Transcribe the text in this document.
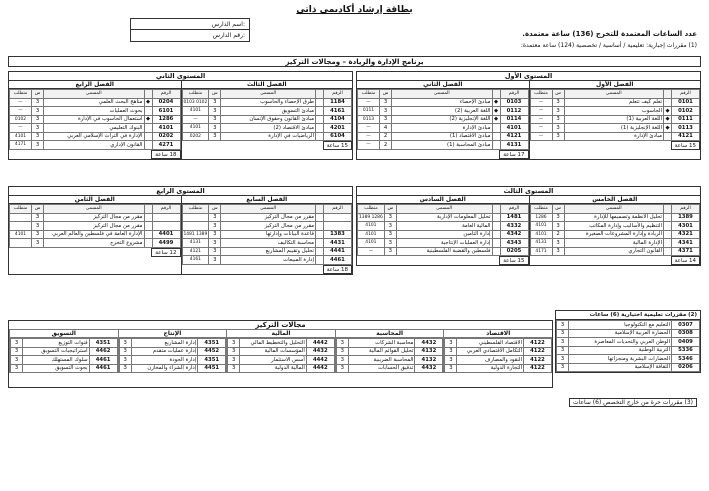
بطاقة إرشاد أكاديمي ذاتي
اسم الدارس:
رقم الدارس:	عدد الساعات المعتمدة للتخرج (136) ساعة معتمدة.
(1) مقررات إجبارية: تعليمية / أساسية / تخصصية (124) ساعة معتمدة:
برنامج الإدارة والريادة – ومجالات التركيز
المستوى الأول
الفصل الأول
الرقم		المسمى	س	متطلب
0101		تعلم كيف تتعلم	3	—
0102	◆	الحاسوب	3	—
0111	◆	اللغة العربية (1)	3	—
0113	◆	اللغة الإنجليزية (1)	3	—
4121		مبادئ الإدارة	3	—
15 ساعة
الفصل الثاني
الرقم		المسمى	س	متطلب
0103	◆	مبادئ الإحصاء	3	—
0112	◆	اللغة العربية (2)	3	0111
0114	◆	اللغة الإنجليزية (2)	3	0113
4101		مبادئ الإدارة	4	—
4121		مبادئ الاقتصاد (1)	2	—
4131		مبادئ المحاسبة (1)	2	—
17 ساعة
المستوى الثاني
الفصل الثالث
الرقم		المسمى	س	متطلب
1184		طرق الإحصاء والحاسوب	3	0102 0103
4161		مبادئ التسويق	3	4101
4104		مبادئ القانون وحقوق الإنسان	3	—
4201		مبادئ الاقتصاد (2)	3	4101
6104		الرياضيات في الإدارة	3	0202
15 ساعة
الفصل الرابع
الرقم		المسمى	س	متطلب
0204	◆	مناهج البحث العلمي	3	—
6101		بحوث العمليات	3	—
1286	◆	استعمال الحاسوب في الإدارة	3	0102
4101		البنوك التعليمي	3	—
0202		الإدارة في التراث الإسلامي العربي	3	4101
4271		القانون الإداري	3	4171
18 ساعة
المستوى الثالث
الفصل الخامس
الرقم		المسمى	س	متطلب
1389		تحليل الأنظمة وتصميمها للإدارة	3	1286
4301		التنظيم والأساليب وإدارة المكاتب	3	4101
4321		الريادة وإدارة المشروعات الصغيرة	2	4101
4341		الإدارة المالية	3	4131
4371		القانون التجاري	3	4171
14 ساعة
الفصل السادس
الرقم		المسمى	س	متطلب
1481		تحليل المعلومات الإدارية	3	1286 1389
4332		المالية العامة	3	4101
4342		إدارة التأمين	3	4101
4343		إدارة العمليات الإنتاجية	3	4101
0205		فلسطين والقضية الفلسطينية	3	—
15 ساعة
المستوى الرابع
الفصل السابع
الرقم		المسمى	س	متطلب
		مقرر من مجال التركيز	3	
		مقرر من مجال التركيز	3	
1383		قاعدة البيانات وإدارتها	3	1389 1481
4431		محاسبة التكاليف	3	4131
4441		تحليل وتقييم المشاريع	3	4121
4461		إدارة المبيعات	3	4161
18 ساعة
الفصل الثامن
الرقم		المسمى	س	متطلب
		مقرر من مجال التركيز	3	
		مقرر من مجال التركيز	3	
4401		الإدارة العامة في فلسطين والعالم العربي	3	4101
4499		مشروع التخرج	3	
12 ساعة
(2) مقررات تعليمية اختيارية (6) ساعات
0307	التعليم مع التكنولوجيا	3
0308	الحضارة العربية الإسلامية	3
0409	الوطن العربي والتحديات المعاصرة	3
5336	التربية الوطنية	3
5346	الحضارات البشرية ومنجزاتها	3
0206	الثقافة الإسلامية	3
مجالات التركيز
الاقتصاد
4122	الاقتصاد الفلسطيني	3
4122	التكامل الاقتصادي العربي	3
4122	النقود والمصارف	3
4122	التجارة الدولية	3
المحاسبة
4432	محاسبة الشركات	3
4132	تحليل القوائم المالية	3
4132	المحاسبة الضريبية	3
4432	تدقيق الحسابات	3
المالية
4442	التحليل والتخطيط المالي	3
4432	المؤسسات المالية	3
4442	أسس الاستثمار	3
4442	المالية الدولية	3
الإنتاج
4351	إدارة المشاريع	3
4452	إدارة عمليات متقدم	3
4351	إدارة الجودة	3
4451	إدارة الشراء والمخازن	3
التسويق
4351	قنوات التوزيع	3
4462	استراتيجيات التسويق	3
4461	سلوك المستهلك	3
4461	بحوث التسويق	3
(3) مقررات حرة من خارج التخصص (6) ساعات
